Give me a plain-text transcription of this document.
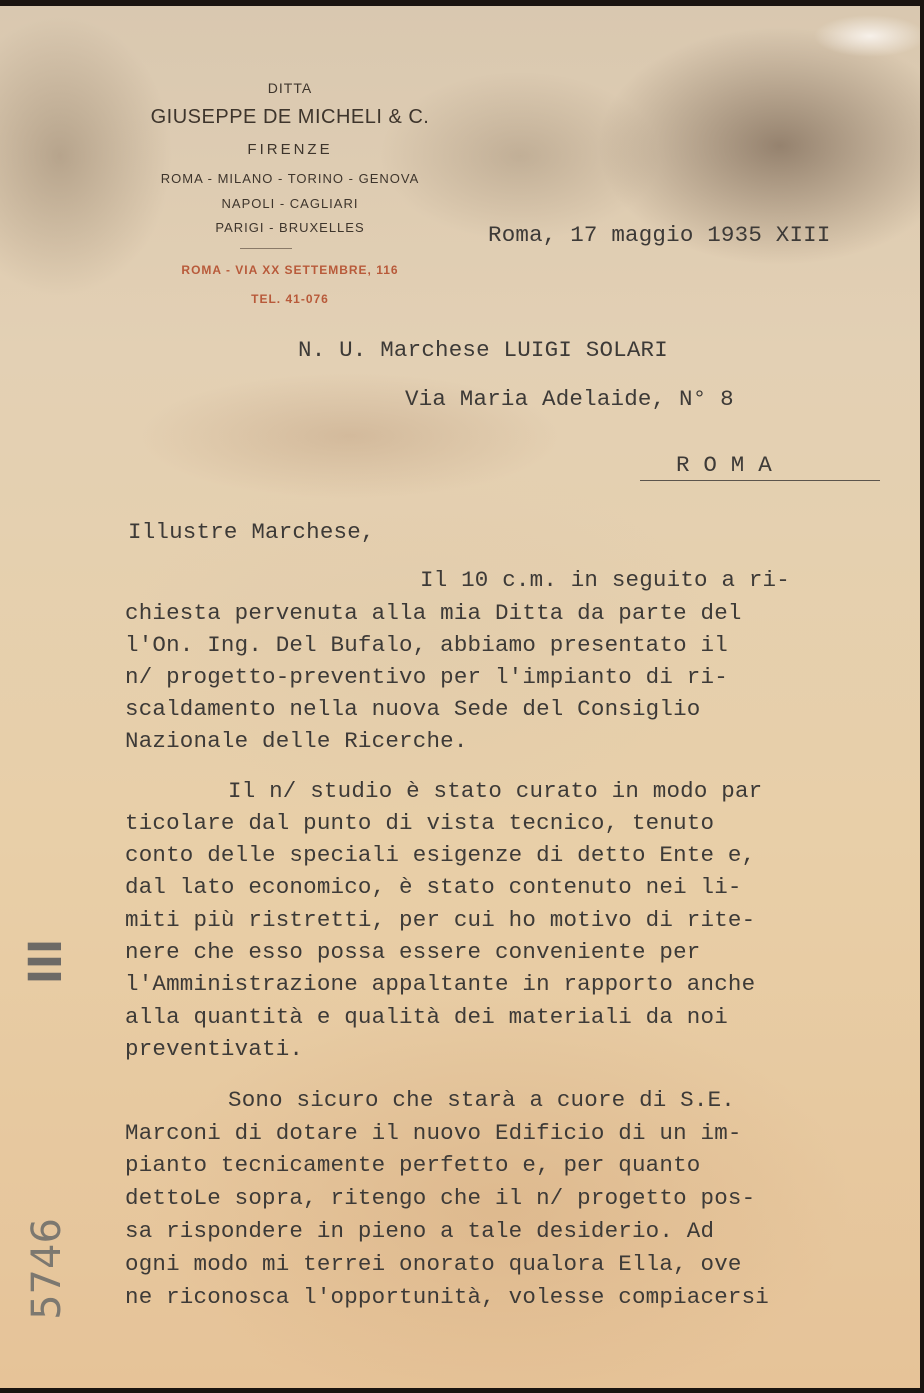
DITTA
GIUSEPPE DE MICHELI & C.
FIRENZE
ROMA - MILANO - TORINO - GENOVA
NAPOLI - CAGLIARI
PARIGI - BRUXELLES
ROMA - VIA XX SETTEMBRE, 116
TEL. 41-076
Roma, 17 maggio 1935 XIII
N. U. Marchese LUIGI SOLARI
Via Maria Adelaide, N° 8
R O M A
Illustre Marchese,
Il 10 c.m. in seguito a ri-
chiesta pervenuta alla mia Ditta da parte del
l'On. Ing. Del Bufalo, abbiamo presentato il
n/ progetto-preventivo per l'impianto di ri-
scaldamento nella nuova Sede del Consiglio
Nazionale delle Ricerche.
Il n/ studio è stato curato in modo par
ticolare dal punto di vista tecnico, tenuto
conto delle speciali esigenze di detto Ente e,
dal lato economico, è stato contenuto nei li-
miti più ristretti, per cui ho motivo di rite-
nere che esso possa essere conveniente per
l'Amministrazione appaltante in rapporto anche
alla quantità e qualità dei materiali da noi
preventivati.
Sono sicuro che starà a cuore di S.E.
Marconi di dotare il nuovo Edificio di un im-
pianto tecnicamente perfetto e, per quanto
dettoLe sopra, ritengo che il n/ progetto pos-
sa rispondere in pieno a tale desiderio. Ad
ogni modo mi terrei onorato qualora Ella, ove
ne riconosca l'opportunità, volesse compiacersi
lll
5746
